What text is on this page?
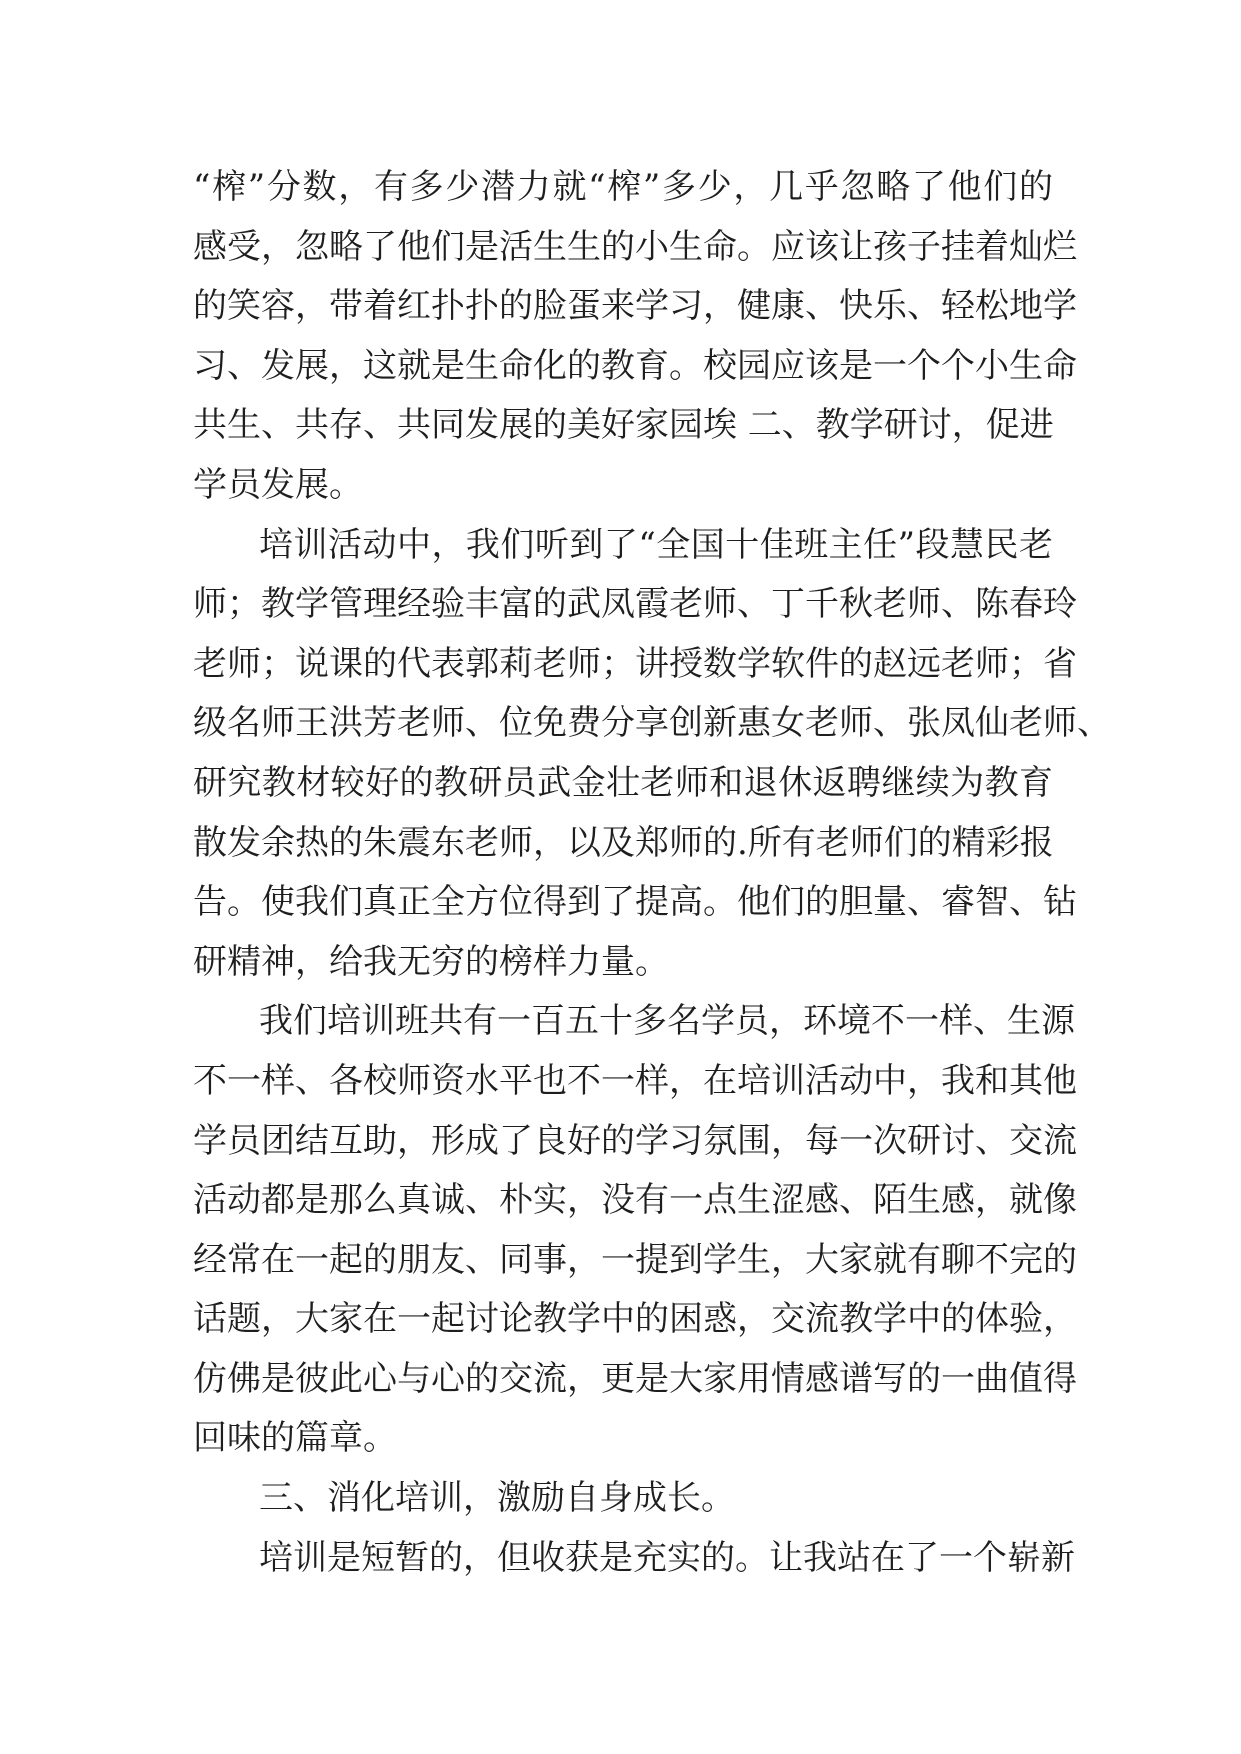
“榨”分数，有多少潜力就“榨”多少，几乎忽略了他们的
感受，忽略了他们是活生生的小生命。应该让孩子挂着灿烂
的笑容，带着红扑扑的脸蛋来学习，健康、快乐、轻松地学
习、发展，这就是生命化的教育。校园应该是一个个小生命
共生、共存、共同发展的美好家园埃 二、教学研讨，促进
学员发展。
培训活动中，我们听到了“全国十佳班主任”段慧民老
师；教学管理经验丰富的武凤霞老师、丁千秋老师、陈春玲
老师；说课的代表郭莉老师；讲授数学软件的赵远老师；省
级名师王洪芳老师、位免费分享创新惠女老师、张凤仙老师、
研究教材较好的教研员武金壮老师和退休返聘继续为教育
散发余热的朱震东老师，以及郑师的.所有老师们的精彩报
告。使我们真正全方位得到了提高。他们的胆量、睿智、钻
研精神，给我无穷的榜样力量。
我们培训班共有一百五十多名学员，环境不一样、生源
不一样、各校师资水平也不一样，在培训活动中，我和其他
学员团结互助，形成了良好的学习氛围，每一次研讨、交流
活动都是那么真诚、朴实，没有一点生涩感、陌生感，就像
经常在一起的朋友、同事，一提到学生，大家就有聊不完的
话题，大家在一起讨论教学中的困惑，交流教学中的体验，
仿佛是彼此心与心的交流，更是大家用情感谱写的一曲值得
回味的篇章。
三、消化培训，激励自身成长。
培训是短暂的，但收获是充实的。让我站在了一个崭新
